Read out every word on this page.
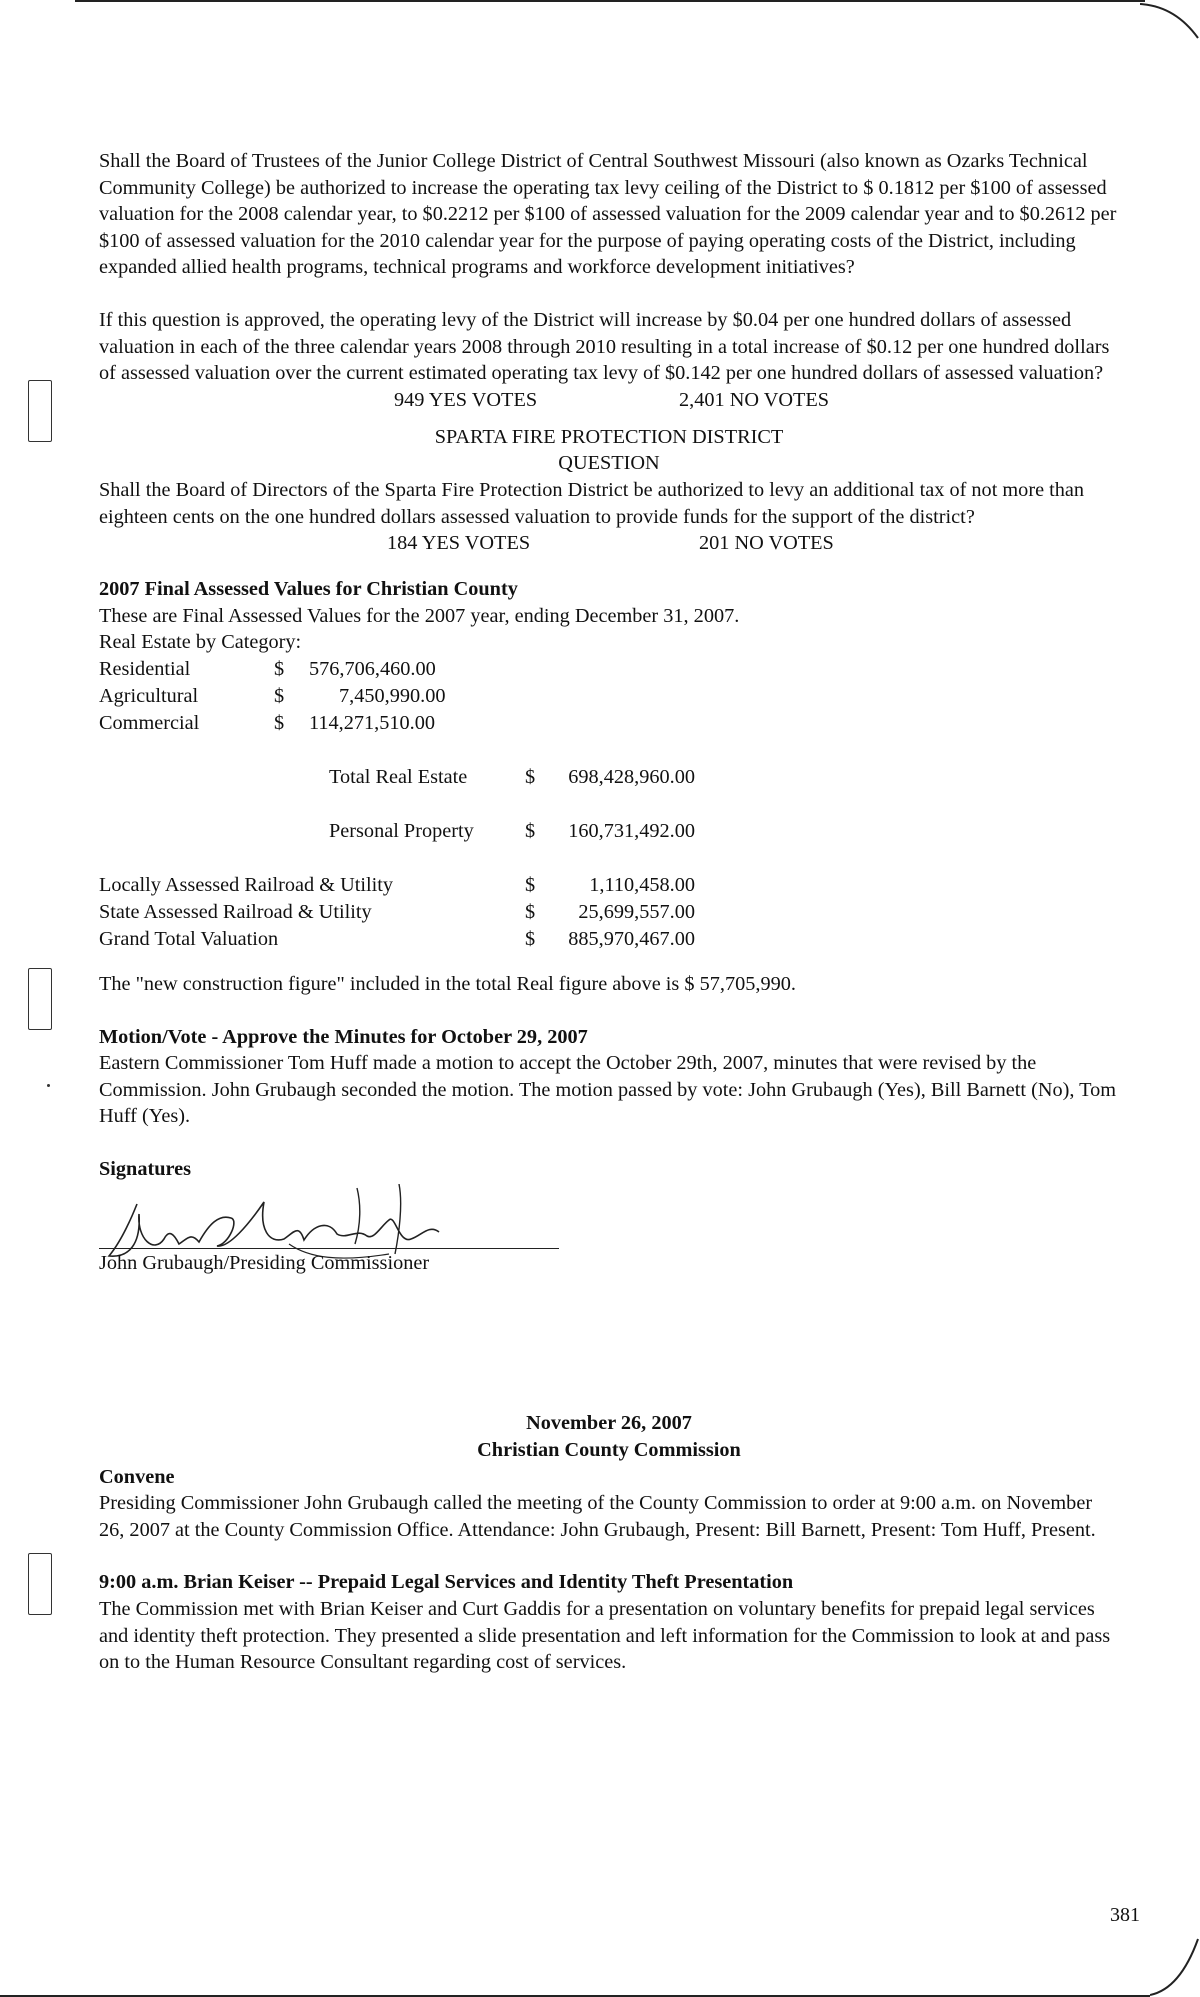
Shall the Board of Trustees of the Junior College District of Central Southwest Missouri (also known as Ozarks Technical Community College) be authorized to increase the operating tax levy ceiling of the District to $ 0.1812 per $100 of assessed valuation for the 2008 calendar year, to $0.2212 per $100 of assessed valuation for the 2009 calendar year and to $0.2612 per $100 of assessed valuation for the 2010 calendar year for the purpose of paying operating costs of the District, including expanded allied health programs, technical programs and workforce development initiatives?

If this question is approved, the operating levy of the District will increase by $0.04 per one hundred dollars of assessed valuation in each of the three calendar years 2008 through 2010 resulting in a total increase of $0.12 per one hundred dollars of assessed valuation over the current estimated operating tax levy of $0.142 per one hundred dollars of assessed valuation?

949 YES VOTES	2,401 NO VOTES
SPARTA FIRE PROTECTION DISTRICT
QUESTION

Shall the Board of Directors of the Sparta Fire Protection District be authorized to levy an additional tax of not more than eighteen cents on the one hundred dollars assessed valuation to provide funds for the support of the district?

184 YES VOTES	201 NO VOTES
2007 Final Assessed Values for Christian County
These are Final Assessed Values for the 2007 year, ending December 31, 2007.
Real Estate by Category:
Residential	$ 576,706,460.00
Agricultural	$	7,450,990.00
Commercial	$ 114,271,510.00
Total Real Estate	$	698,428,960.00
Personal Property	$	160,731,492.00
Locally Assessed Railroad & Utility	$	1,110,458.00
State Assessed Railroad & Utility	$	25,699,557.00
Grand Total Valuation	$	885,970,467.00

The "new construction figure" included in the total Real figure above is $ 57,705,990.

Motion/Vote - Approve the Minutes for October 29, 2007

Eastern Commissioner Tom Huff made a motion to accept the October 29th, 2007, minutes that were revised by the Commission. John Grubaugh seconded the motion. The motion passed by vote: John Grubaugh (Yes), Bill Barnett (No), Tom Huff (Yes).

Signatures
John Grubaugh/Presiding Commissioner
November 26, 2007
Christian County Commission
Convene

Presiding Commissioner John Grubaugh called the meeting of the County Commission to order at 9:00 a.m. on November 26, 2007 at the County Commission Office. Attendance: John Grubaugh, Present: Bill Barnett, Present: Tom Huff, Present.

9:00 a.m. Brian Keiser -- Prepaid Legal Services and Identity Theft Presentation

The Commission met with Brian Keiser and Curt Gaddis for a presentation on voluntary benefits for prepaid legal services and identity theft protection. They presented a slide presentation and left information for the Commission to look at and pass on to the Human Resource Consultant regarding cost of services.

381
